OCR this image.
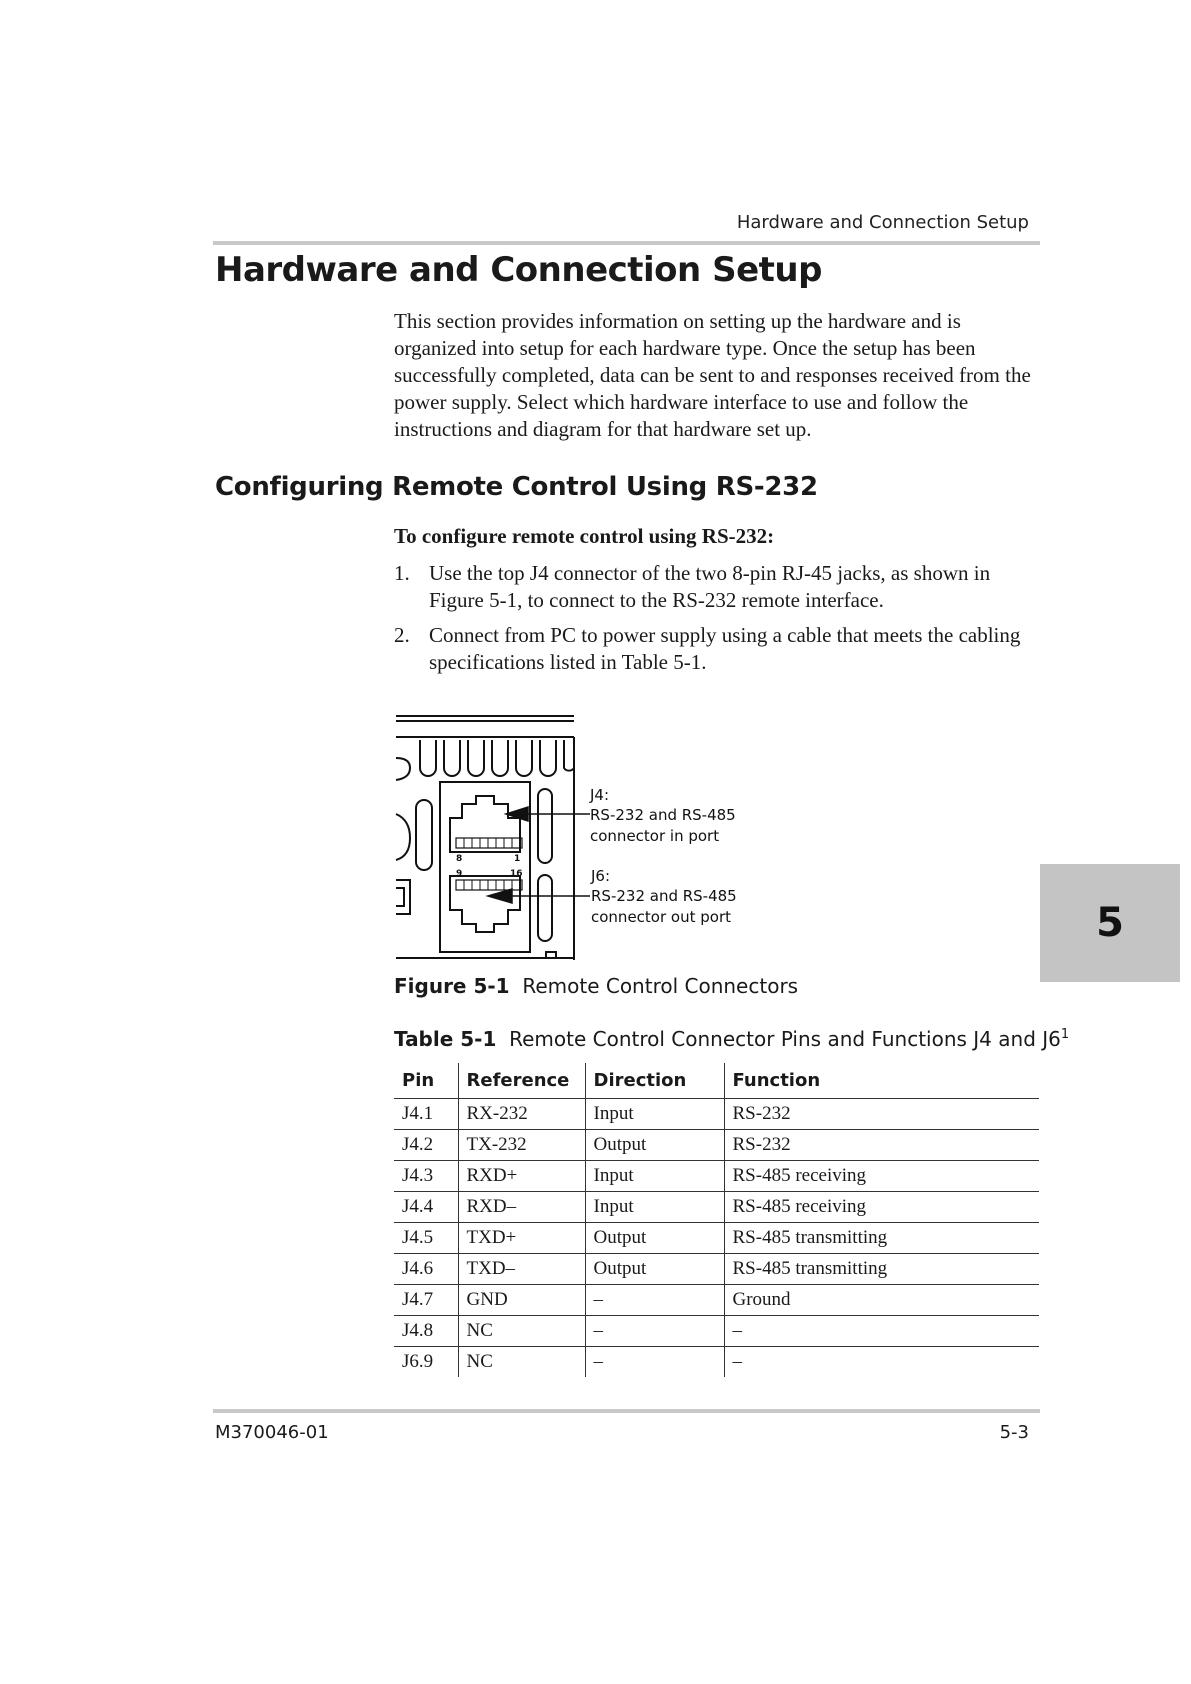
Hardware and Connection Setup
Hardware and Connection Setup

This section provides information on setting up the hardware and is organized into setup for each hardware type. Once the setup has been successfully completed, data can be sent to and responses received from the power supply. Select which hardware interface to use and follow the instructions and diagram for that hardware set up.

Configuring Remote Control Using RS-232

To configure remote control using RS-232:

1. Use the top J4 connector of the two 8-pin RJ-45 jacks, as shown in Figure 5-1, to connect to the RS-232 remote interface.
2. Connect from PC to power supply using a cable that meets the cabling specifications listed in Table 5-1.
8	1
9	16
J4:
RS-232 and RS-485
connector in port
J6:
RS-232 and RS-485
connector out port

Figure 5-1 Remote Control Connectors

Table 5-1 Remote Control Connector Pins and Functions J4 and $J6^1$

Pin	Reference	Direction	Function
J4.1	RX-232	Input	RS-232
J4.2	TX-232	Output	RS-232
J4.3	RXD+	Input	RS-485 receiving
J4.4	RXD–	Input	RS-485 receiving
J4.5	TXD+	Output	RS-485 transmitting
J4.6	TXD–	Output	RS-485 transmitting
J4.7	GND	–	Ground
J4.8	NC	–	–
J6.9	NC	–	–
M370046-01	5-3
5
